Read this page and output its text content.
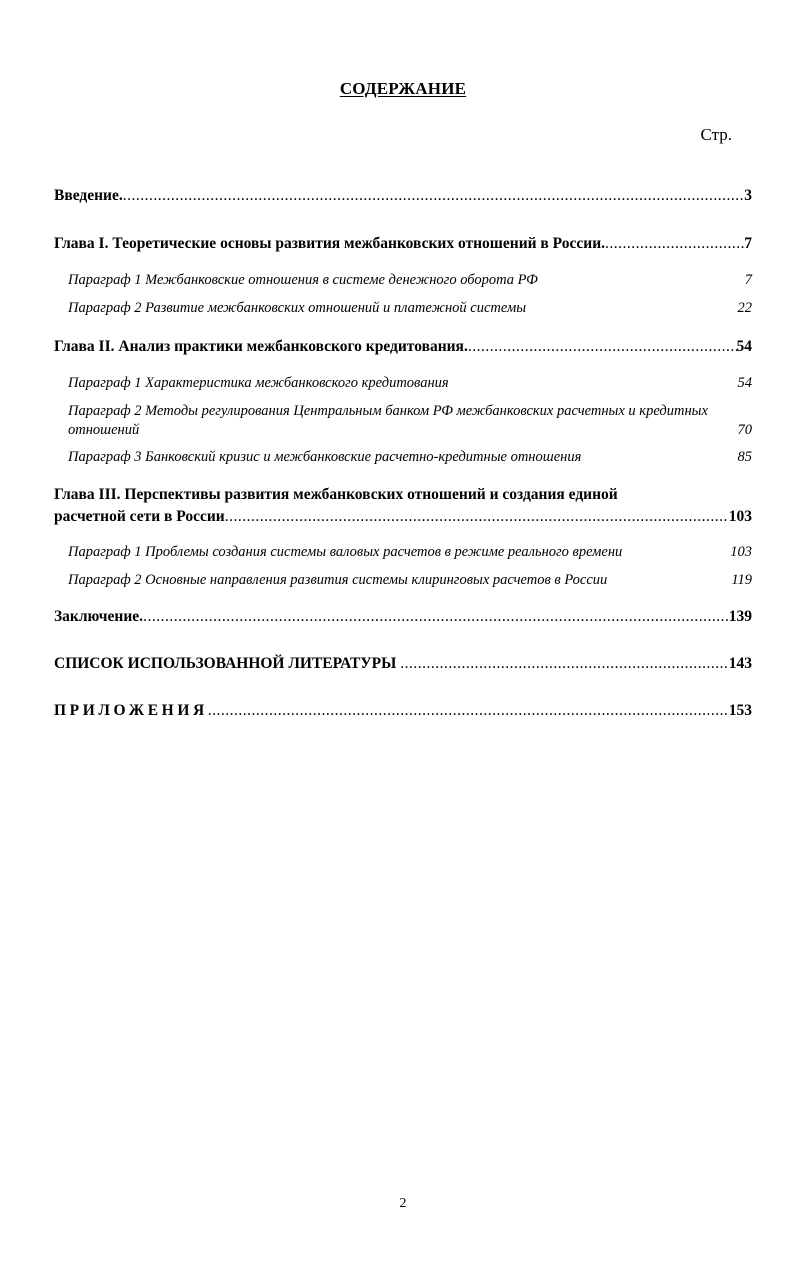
СОДЕРЖАНИЕ
Стр.
Введение. .....	3
Глава I. Теоретические основы развития межбанковских отношений в России. .....	7
Параграф 1 Межбанковские отношения в системе денежного оборота РФ	7
Параграф 2 Развитие межбанковских отношений и платежной системы	22
Глава II. Анализ практики межбанковского кредитования. .....	54
Параграф 1 Характеристика межбанковского кредитования	54
Параграф 2 Методы регулирования Центральным банком РФ межбанковских расчетных и кредитных отношений	70
Параграф 3 Банковский кризис и межбанковские расчетно-кредитные отношения	85
Глава III. Перспективы развития межбанковских отношений и создания единой
расчетной сети в России .....	103
Параграф 1 Проблемы создания системы валовых расчетов в режиме реального времени	103
Параграф 2 Основные направления развития системы клиринговых расчетов в России	119
Заключение. .....	139
СПИСОК ИСПОЛЬЗОВАННОЙ ЛИТЕРАТУРЫ .....	143
ПРИЛОЖЕНИЯ .....	153
2
